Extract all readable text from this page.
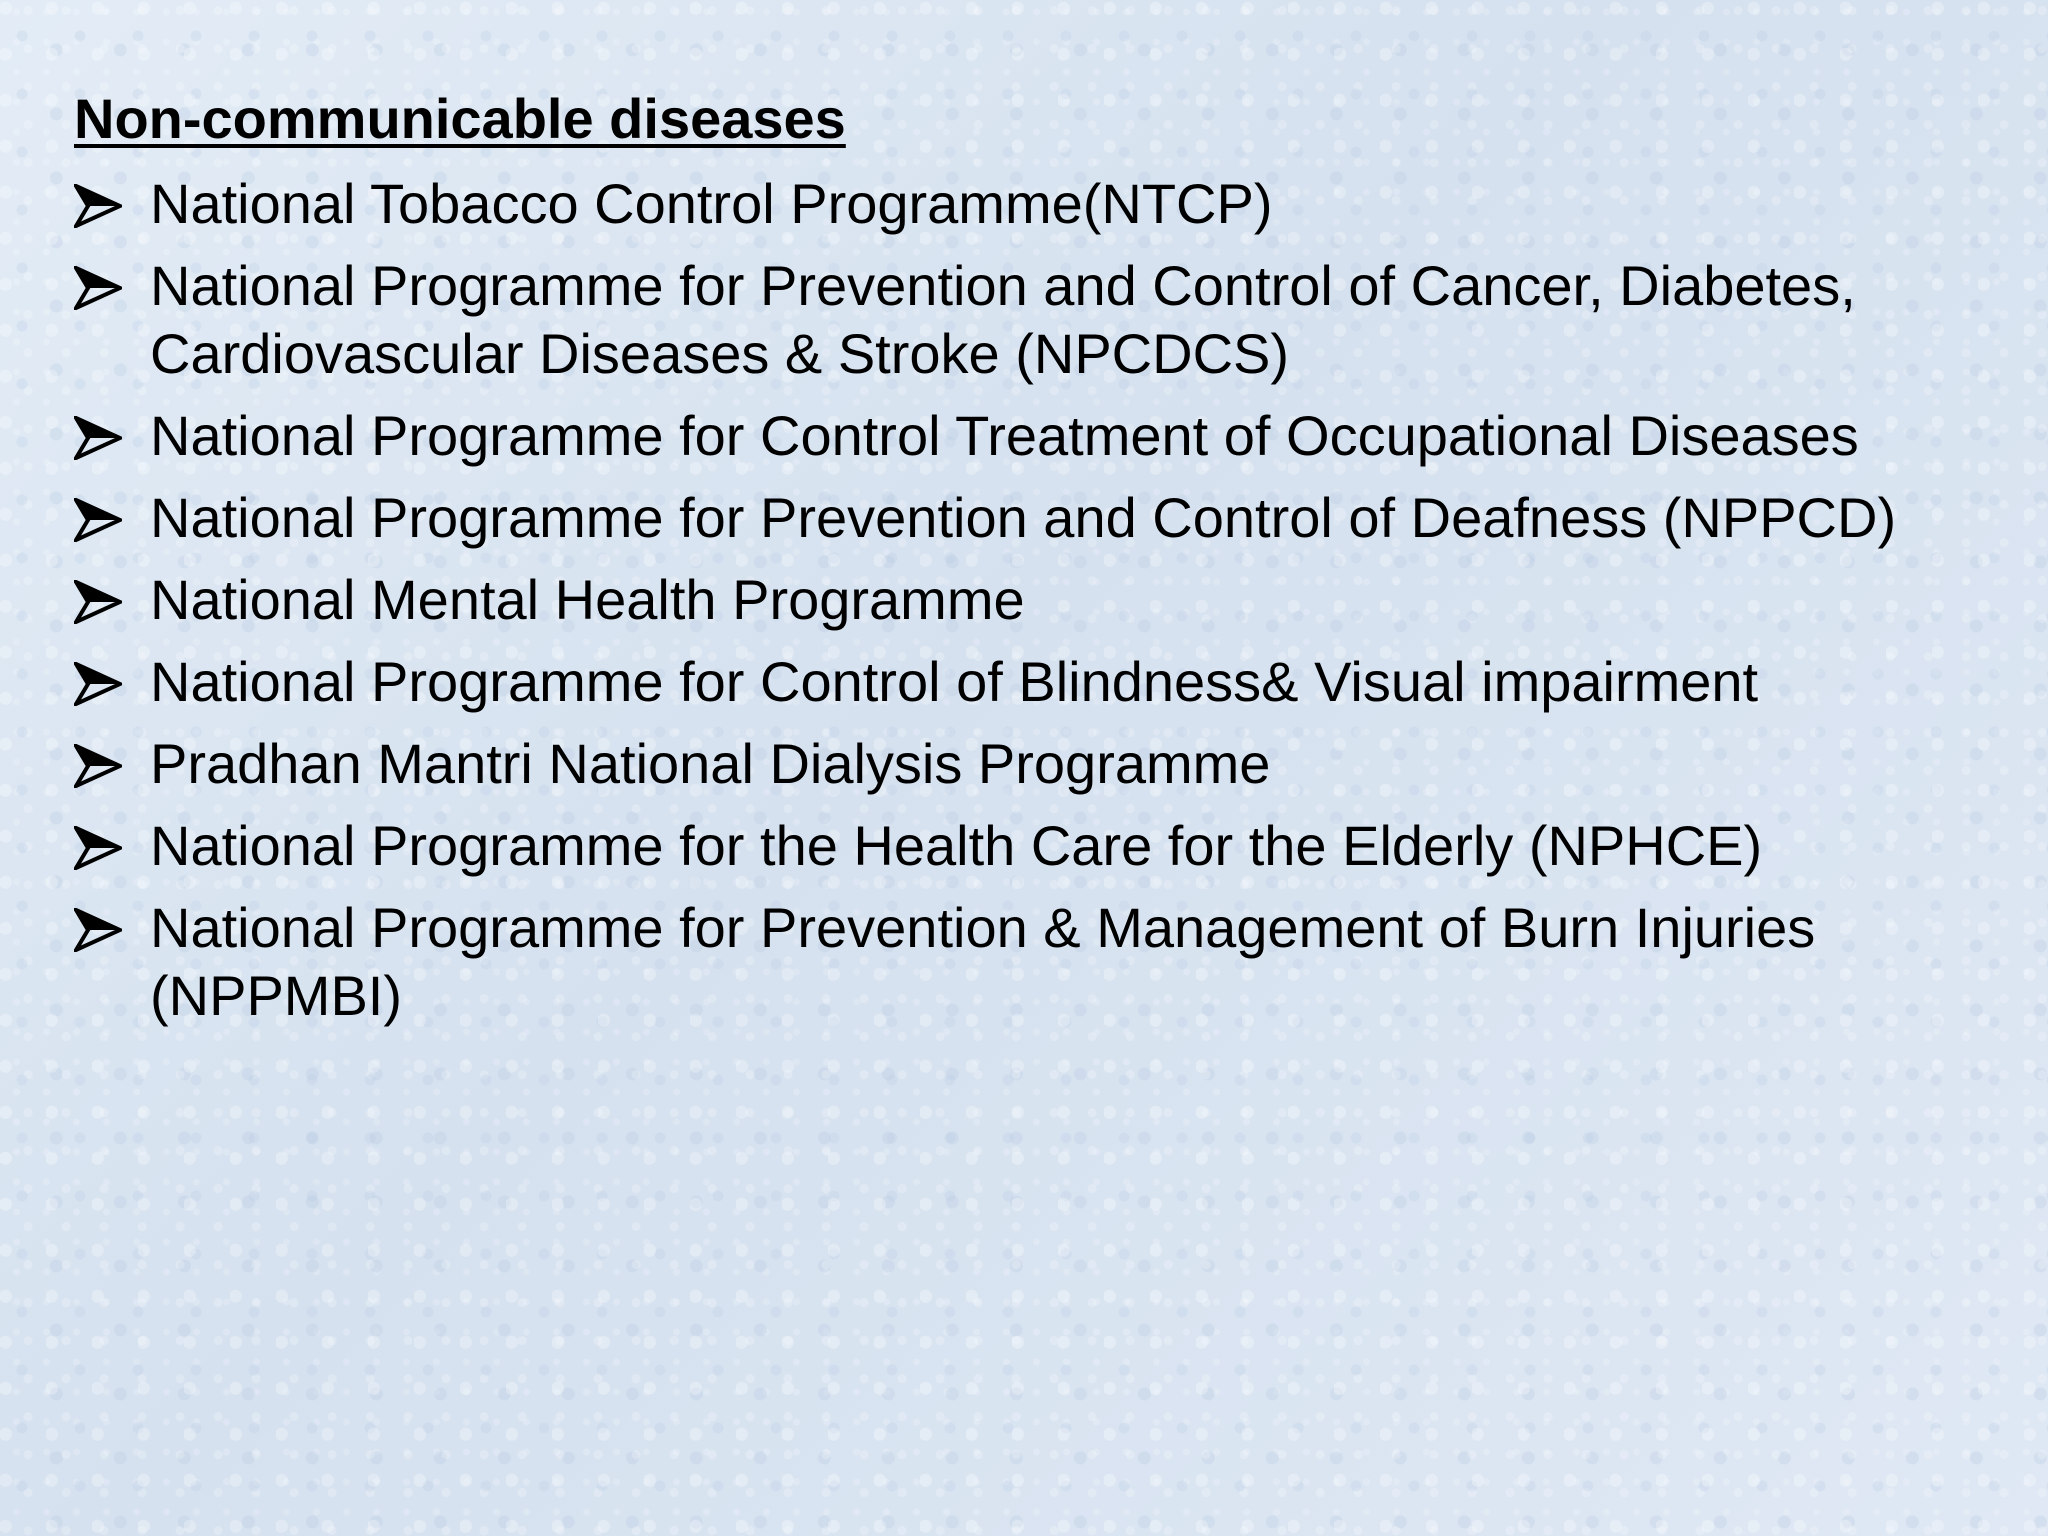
Non-communicable diseases
National Tobacco Control Programme(NTCP)
National Programme for Prevention and Control of Cancer, Diabetes, Cardiovascular Diseases & Stroke (NPCDCS)
National Programme for Control Treatment of Occupational Diseases
National Programme for Prevention and Control of Deafness (NPPCD)
National Mental Health Programme
National Programme for Control of Blindness& Visual impairment
Pradhan Mantri National Dialysis Programme
National Programme for the Health Care for the Elderly (NPHCE)
National Programme for Prevention & Management of Burn Injuries (NPPMBI)
